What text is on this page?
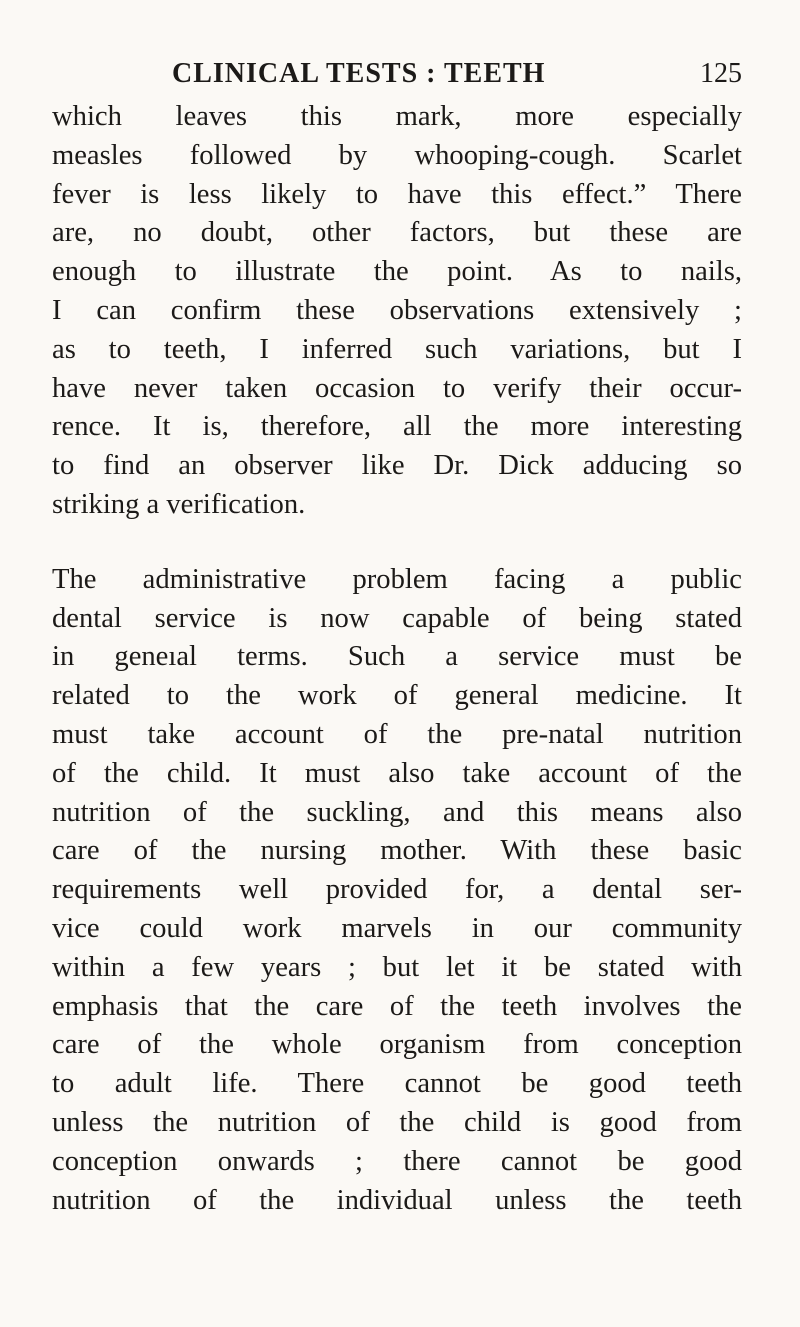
CLINICAL TESTS : TEETH	125
which leaves this mark, more especially
measles followed by whooping-cough. Scarlet
fever is less likely to have this effect.” There
are, no doubt, other factors, but these are
enough to illustrate the point. As to nails,
I can confirm these observations extensively ;
as to teeth, I inferred such variations, but I
have never taken occasion to verify their occur-
rence. It is, therefore, all the more interesting
to find an observer like Dr. Dick adducing so
striking a verification.
The administrative problem facing a public
dental service is now capable of being stated
in geneıal terms. Such a service must be
related to the work of general medicine. It
must take account of the pre-natal nutrition
of the child. It must also take account of the
nutrition of the suckling, and this means also
care of the nursing mother. With these basic
requirements well provided for, a dental ser-
vice could work marvels in our community
within a few years ; but let it be stated with
emphasis that the care of the teeth involves the
care of the whole organism from conception
to adult life. There cannot be good teeth
unless the nutrition of the child is good from
conception onwards ; there cannot be good
nutrition of the individual unless the teeth
